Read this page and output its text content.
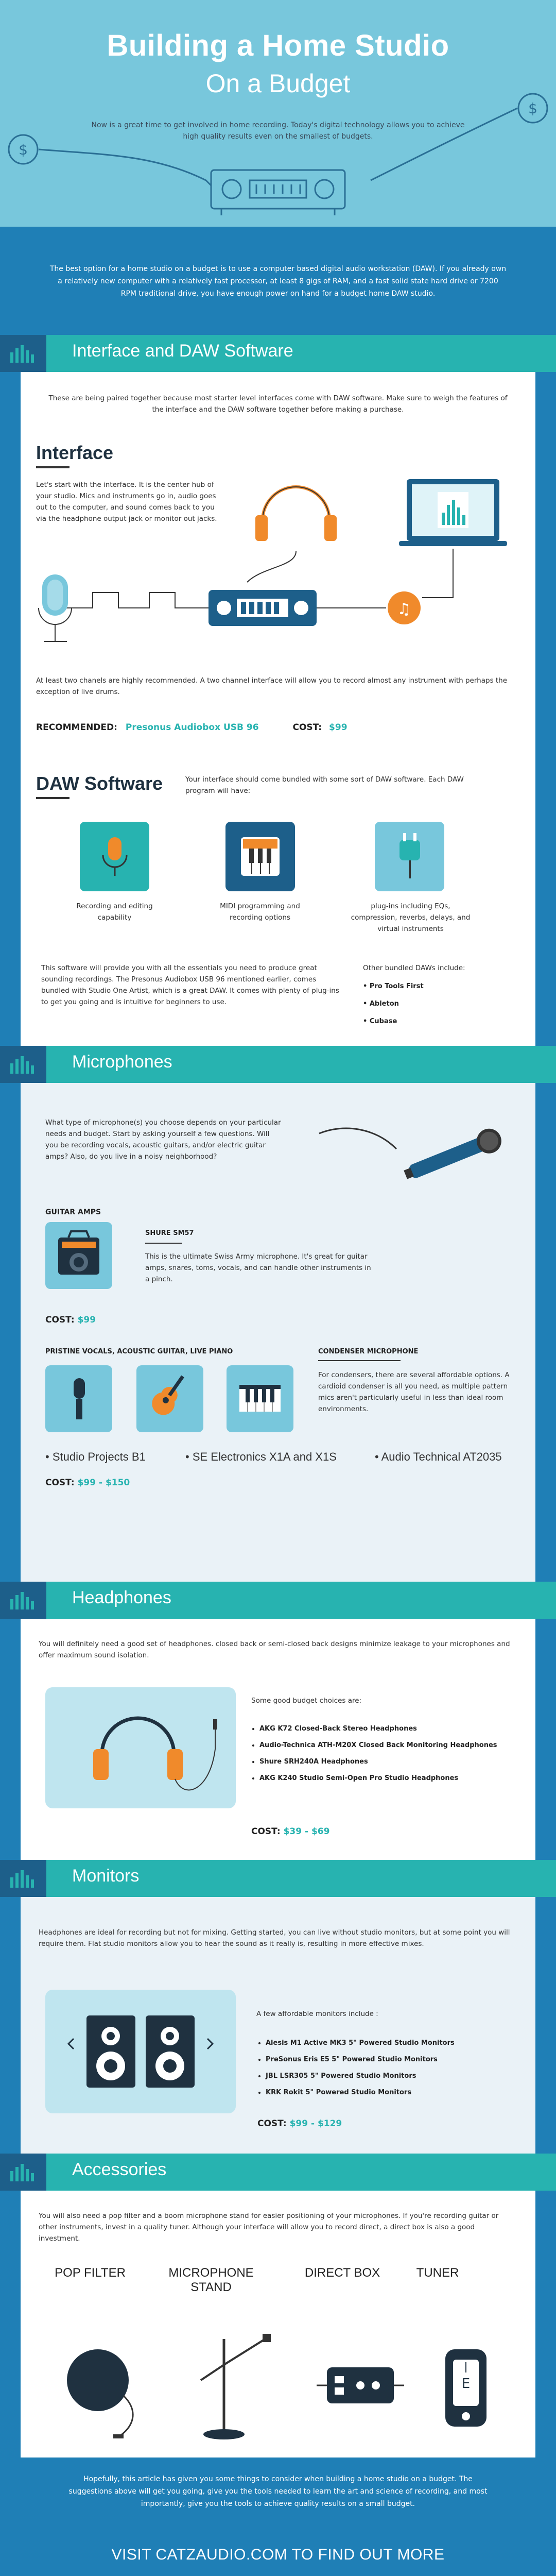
$
$
Building a Home Studio
On a Budget
Now is a great time to get involved in home recording. Today's digital technology allows you to achieve high quality results even on the smallest of budgets.
The best option for a home studio on a budget is to use a computer based digital audio workstation (DAW). If you already own a relatively new computer with a relatively fast processor, at least 8 gigs of RAM, and a fast solid state hard drive or 7200 RPM traditional drive, you have enough power on hand for a budget home DAW studio.
Interface and DAW Software
These are being paired together because most starter level interfaces come with DAW software. Make sure to weigh the features of the interface and the DAW software together before making a purchase.
Interface
Let's start with the interface. It is the center hub of your studio. Mics and instruments go in, audio goes out to the computer, and sound comes back to you via the headphone output jack or monitor out jacks.
♫
At least two chanels are highly recommended. A two channel interface will allow you to record almost any instrument with perhaps the exception of live drums.
RECOMMENDED: Presonus Audiobox USB 96	COST: $99
DAW Software	Your interface should come bundled with some sort of DAW software. Each DAW program will have:
Recording and editing capability
MIDI programming and recording options
plug-ins including EQs, compression, reverbs, delays, and virtual instruments
This software will provide you with all the essentials you need to produce great sounding recordings. The Presonus Audiobox USB 96 mentioned earlier, comes bundled with Studio One Artist, which is a great DAW. It comes with plenty of plug-ins to get you going and is intuitive for beginners to use.
Other bundled DAWs include:
• Pro Tools First
• Ableton
• Cubase
Microphones
What type of microphone(s) you choose depends on your particular needs and budget. Start by asking yourself a few questions. Will you be recording vocals, acoustic guitars, and/or electric guitar amps? Also, do you live in a noisy neighborhood?
GUITAR AMPS
SHURE SM57
This is the ultimate Swiss Army microphone. It's great for guitar amps, snares, toms, vocals, and can handle other instruments in a pinch.
COST: $99
PRISTINE VOCALS, ACOUSTIC GUITAR, LIVE PIANO	CONDENSER MICROPHONE
For condensers, there are several affordable options. A cardioid condenser is all you need, as multiple pattern mics aren't particularly useful in less than ideal room environments.
• Studio Projects B1	• SE Electronics X1A and X1S	• Audio Technical AT2035
COST: $99 - $150
Headphones
You will definitely need a good set of headphones. closed back or semi-closed back designs minimize leakage to your microphones and offer maximum sound isolation.
Some good budget choices are:
• AKG K72 Closed-Back Stereo Headphones
• Audio-Technica ATH-M20X Closed Back Monitoring Headphones
• Shure SRH240A Headphones
• AKG K240 Studio Semi-Open Pro Studio Headphones
COST: $39 - $69
Monitors
Headphones are ideal for recording but not for mixing. Getting started, you can live without studio monitors, but at some point you will require them. Flat studio monitors allow you to hear the sound as it really is, resulting in more effective mixes.
A few affordable monitors include :
• Alesis M1 Active MK3 5" Powered Studio Monitors
• PreSonus Eris E5 5" Powered Studio Monitors
• JBL LSR305 5" Powered Studio Monitors
• KRK Rokit 5" Powered Studio Monitors
COST: $99 - $129
Accessories
You will also need a pop filter and a boom microphone stand for easier positioning of your microphones. If you're recording guitar or other instruments, invest in a quality tuner. Although your interface will allow you to record direct, a direct box is also a good investment.
POP FILTER	MICROPHONE STAND
DIRECT BOX	TUNER
E
Hopefully, this article has given you some things to consider when building a home studio on a budget. The suggestions above will get you going, give you the tools needed to learn the art and science of recording, and most importantly, give you the tools to achieve quality results on a small budget.
VISIT CATZAUDIO.COM TO FIND OUT MORE
